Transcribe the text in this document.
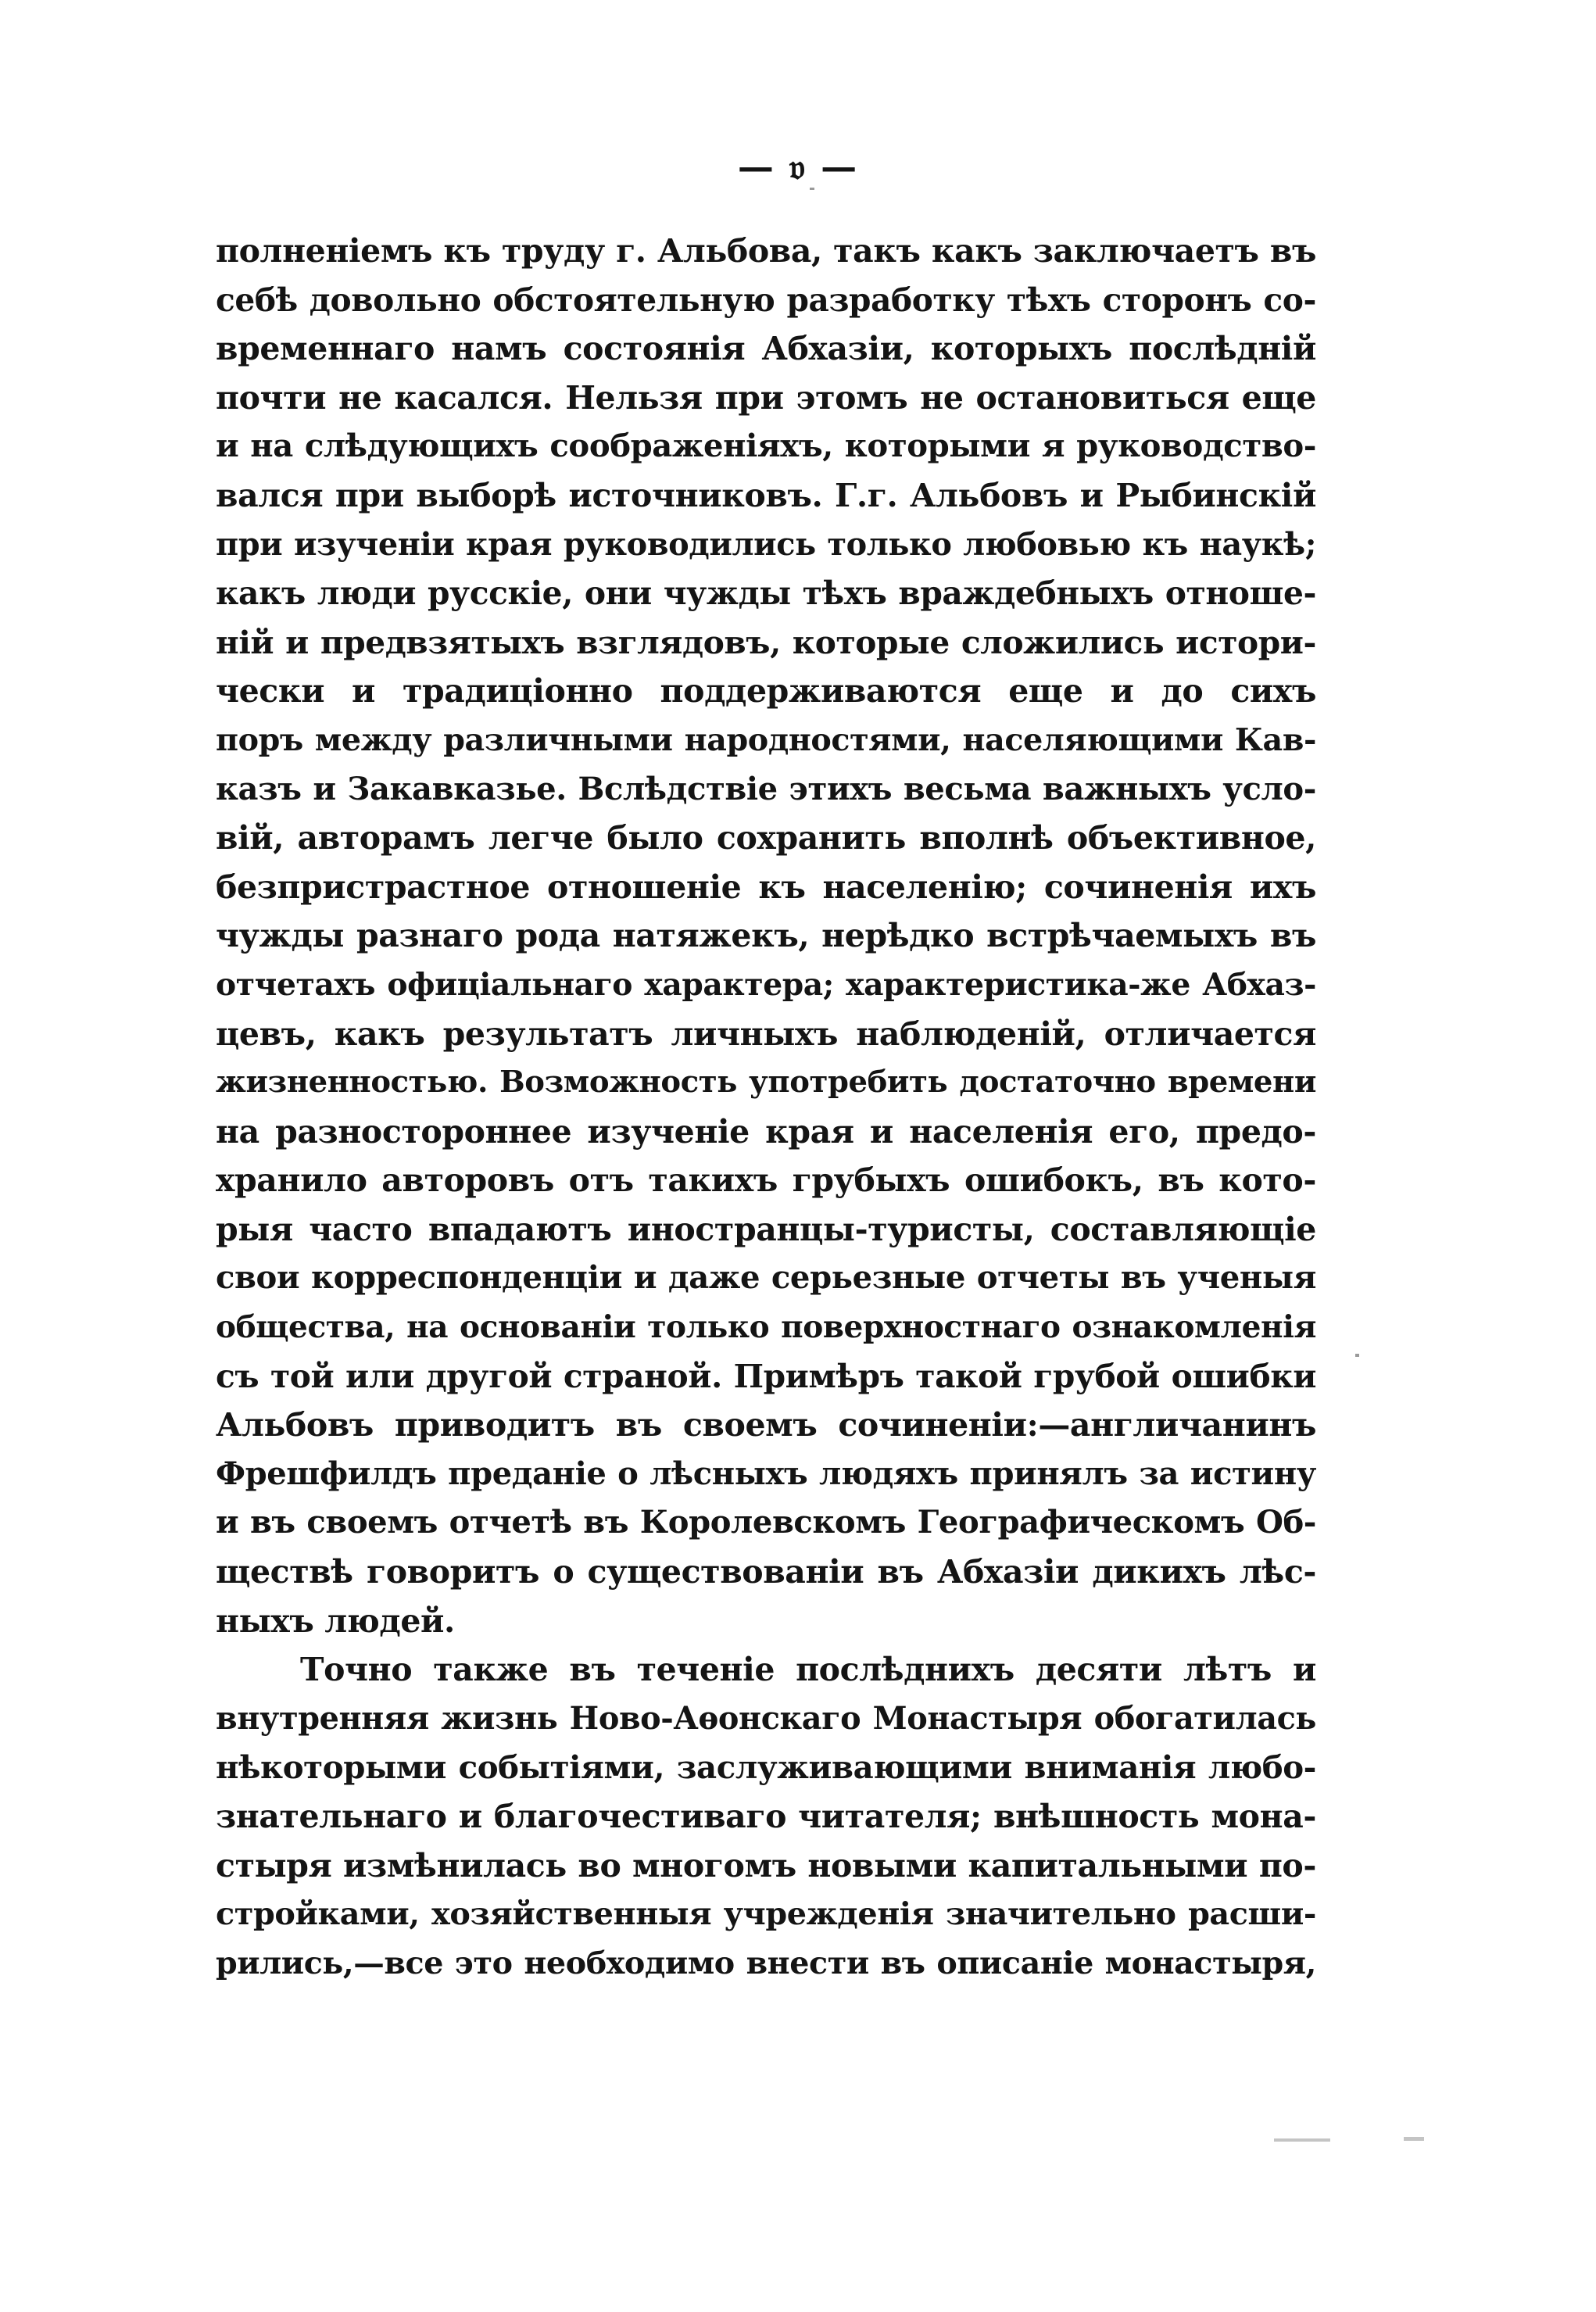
— 𝔳 —
полненіемъ къ труду г. Альбова, такъ какъ заключаетъ въ
себѣ довольно обстоятельную разработку тѣхъ сторонъ со-
временнаго намъ состоянія Абхазіи, которыхъ послѣдній
почти не касался. Нельзя при этомъ не остановиться еще
и на слѣдующихъ соображеніяхъ, которыми я руководство-
вался при выборѣ источниковъ. Г.г. Альбовъ и Рыбинскій
при изученіи края руководились только любовью къ наукѣ;
какъ люди русскіе, они чужды тѣхъ враждебныхъ отноше-
ній и предвзятыхъ взглядовъ, которые сложились истори-
чески и традиціонно поддерживаются еще и до сихъ
поръ между различными народностями, населяющими Кав-
казъ и Закавказье. Вслѣдствіе этихъ весьма важныхъ усло-
вій, авторамъ легче было сохранить вполнѣ объективное,
безпристрастное отношеніе къ населенію; сочиненія ихъ
чужды разнаго рода натяжекъ, нерѣдко встрѣчаемыхъ въ
отчетахъ офиціальнаго характера; характеристика-же Абхаз-
цевъ, какъ результатъ личныхъ наблюденій, отличается
жизненностью. Возможность употребить достаточно времени
на разностороннее изученіе края и населенія его, предо-
хранило авторовъ отъ такихъ грубыхъ ошибокъ, въ кото-
рыя часто впадаютъ иностранцы-туристы, составляющіе
свои корреспонденціи и даже серьезные отчеты въ ученыя
общества, на основаніи только поверхностнаго ознакомленія
съ той или другой страной. Примѣръ такой грубой ошибки
Альбовъ приводитъ въ своемъ сочиненіи:—англичанинъ
Фрешфилдъ преданіе о лѣсныхъ людяхъ принялъ за истину
и въ своемъ отчетѣ въ Королевскомъ Географическомъ Об-
ществѣ говоритъ о существованіи въ Абхазіи дикихъ лѣс-
ныхъ людей.
Точно также въ теченіе послѣднихъ десяти лѣтъ и
внутренняя жизнь Ново-Аѳонскаго Монастыря обогатилась
нѣкоторыми событіями, заслуживающими вниманія любо-
знательнаго и благочестиваго читателя; внѣшность мона-
стыря измѣнилась во многомъ новыми капитальными по-
стройками, хозяйственныя учрежденія значительно расши-
рились,—все это необходимо внести въ описаніе монастыря,
